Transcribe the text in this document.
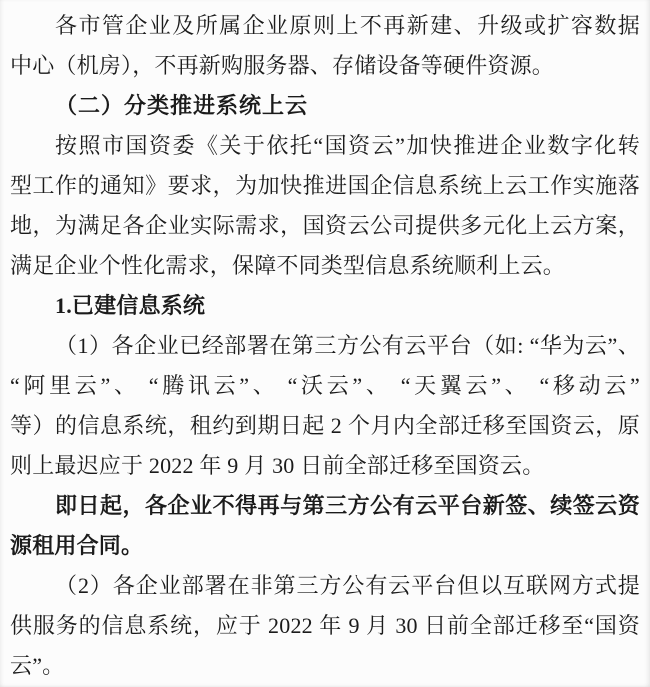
各市管企业及所属企业原则上不再新建、升级或扩容数据
中心（机房），不再新购服务器、存储设备等硬件资源。
（二）分类推进系统上云
按照市国资委《关于依托“国资云”加快推进企业数字化转
型工作的通知》要求，为加快推进国企信息系统上云工作实施落
地，为满足各企业实际需求，国资云公司提供多元化上云方案，
满足企业个性化需求，保障不同类型信息系统顺利上云。
1.已建信息系统
（1）各企业已经部署在第三方公有云平台（如: “华为云”、
“阿里云”、 “腾讯云”、 “沃云”、 “天翼云”、 “移动云”
等）的信息系统，租约到期日起 2 个月内全部迁移至国资云，原
则上最迟应于 2022 年 9 月 30 日前全部迁移至国资云。
即日起，各企业不得再与第三方公有云平台新签、续签云资
源租用合同。
（2）各企业部署在非第三方公有云平台但以互联网方式提
供服务的信息系统，应于 2022 年 9 月 30 日前全部迁移至“国资
云”。
